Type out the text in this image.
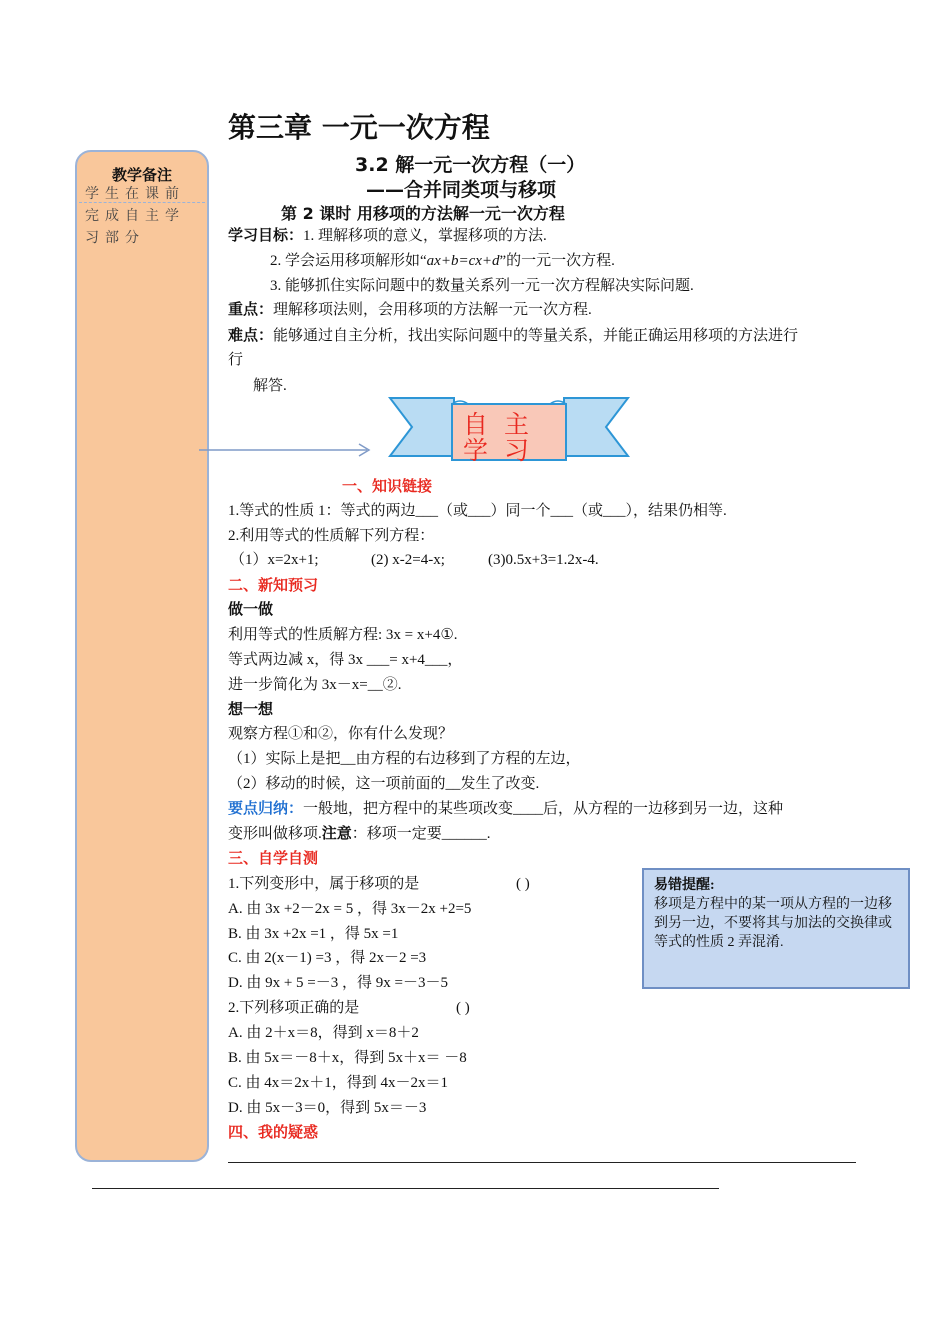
教学备注
学生在课前完成自主学习部分
第三章 一元一次方程
3.2 解一元一次方程（一）
——合并同类项与移项
第 2 课时 用移项的方法解一元一次方程
学习目标：1. 理解移项的意义，掌握移项的方法.
2. 学会运用移项解形如“ax+b=cx+d”的一元一次方程.
3. 能够抓住实际问题中的数量关系列一元一次方程解决实际问题.
重点：理解移项法则，会用移项的方法解一元一次方程.
难点：能够通过自主分析，找出实际问题中的等量关系，并能正确运用移项的方法进行
行
解答.
自 主 学 习
一、知识链接
1.等式的性质 1：等式的两边___（或___）同一个___（或___），结果仍相等.
2.利用等式的性质解下列方程：
（1）x=2x+1;	(2) x-2=4-x;	(3)0.5x+3=1.2x-4.
二、新知预习
做一做
利用等式的性质解方程: 3x = x+4①.
等式两边减 x，得 3x ___= x+4___，
进一步简化为 3x－x=__②.
想一想
观察方程①和②，你有什么发现？
（1）实际上是把__由方程的右边移到了方程的左边，
（2）移动的时候，这一项前面的__发生了改变.
要点归纳：一般地，把方程中的某些项改变____后，从方程的一边移到另一边，这种
变形叫做移项.注意：移项一定要______.
三、自学自测
1.下列变形中，属于移项的是	( )
A. 由 3x +2－2x = 5 ，得 3x－2x +2=5
B. 由 3x +2x =1 ，得 5x =1
C. 由 2(x－1) =3 ，得 2x－2 =3
D. 由 9x + 5 =－3 ，得 9x =－3－5
2.下列移项正确的是	( )
A. 由 2＋x＝8，得到 x＝8＋2
B. 由 5x＝－8＋x，得到 5x＋x＝ －8
C. 由 4x＝2x＋1，得到 4x－2x＝1
D. 由 5x－3＝0，得到 5x＝－3
四、我的疑惑
易错提醒:
移项是方程中的某一项从方程的一边移到另一边，不要将其与加法的交换律或等式的性质 2 弄混淆.
